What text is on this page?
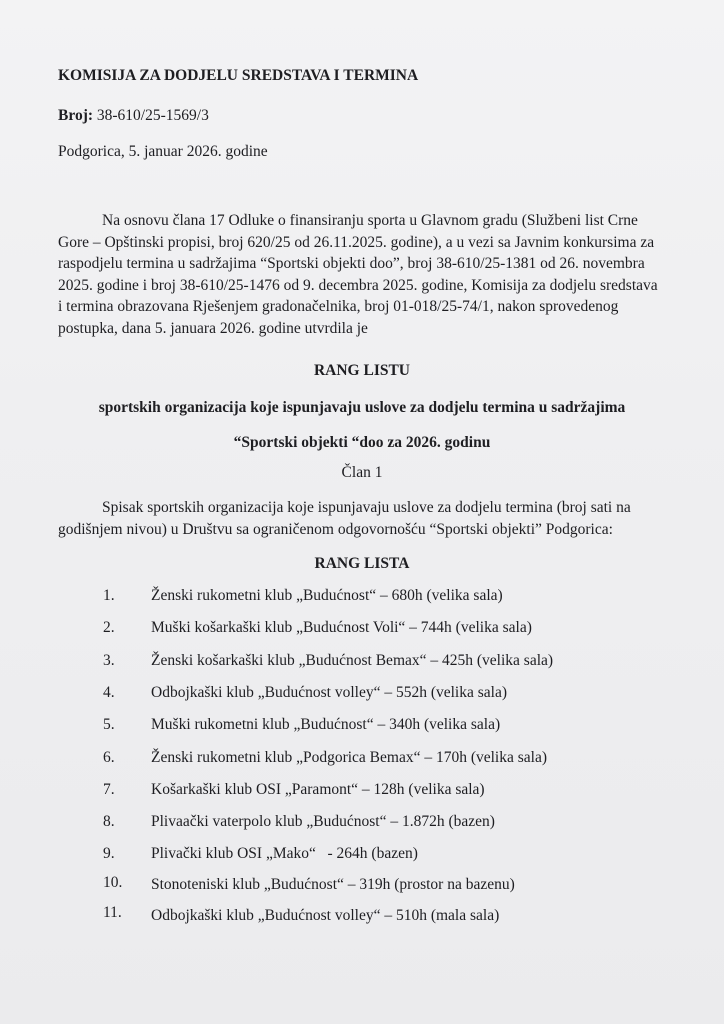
KOMISIJA ZA DODJELU SREDSTAVA I TERMINA
Broj: 38-610/25-1569/3
Podgorica, 5. januar 2026. godine
Na osnovu člana 17 Odluke o finansiranju sporta u Glavnom gradu (Službeni list Crne
Gore – Opštinski propisi, broj 620/25 od 26.11.2025. godine), a u vezi sa Javnim konkursima za
raspodjelu termina u sadržajima “Sportski objekti doo”, broj 38-610/25-1381 od 26. novembra
2025. godine i broj 38-610/25-1476 od 9. decembra 2025. godine, Komisija za dodjelu sredstava
i termina obrazovana Rješenjem gradonačelnika, broj 01-018/25-74/1, nakon sprovedenog
postupka, dana 5. januara 2026. godine utvrdila je
RANG LISTU
sportskih organizacija koje ispunjavaju uslove za dodjelu termina u sadržajima
“Sportski objekti “doo za 2026. godinu
Član 1
Spisak sportskih organizacija koje ispunjavaju uslove za dodjelu termina (broj sati na
godišnjem nivou) u Društvu sa ograničenom odgovornošću “Sportski objekti” Podgorica:
RANG LISTA
1.	Ženski rukometni klub „Budućnost“ – 680h (velika sala)
2.	Muški košarkaški klub „Budućnost Voli“ – 744h (velika sala)
3.	Ženski košarkaški klub „Budućnost Bemax“ – 425h (velika sala)
4.	Odbojkaški klub „Budućnost volley“ – 552h (velika sala)
5.	Muški rukometni klub „Budućnost“ – 340h (velika sala)
6.	Ženski rukometni klub „Podgorica Bemax“ – 170h (velika sala)
7.	Košarkaški klub OSI „Paramont“ – 128h (velika sala)
8.	Plivaački vaterpolo klub „Budućnost“ – 1.872h (bazen)
9.	Plivački klub OSI „Mako“   - 264h (bazen)
10.	Stonoteniski klub „Budućnost“ – 319h (prostor na bazenu)
11.	Odbojkaški klub „Budućnost volley“ – 510h (mala sala)
